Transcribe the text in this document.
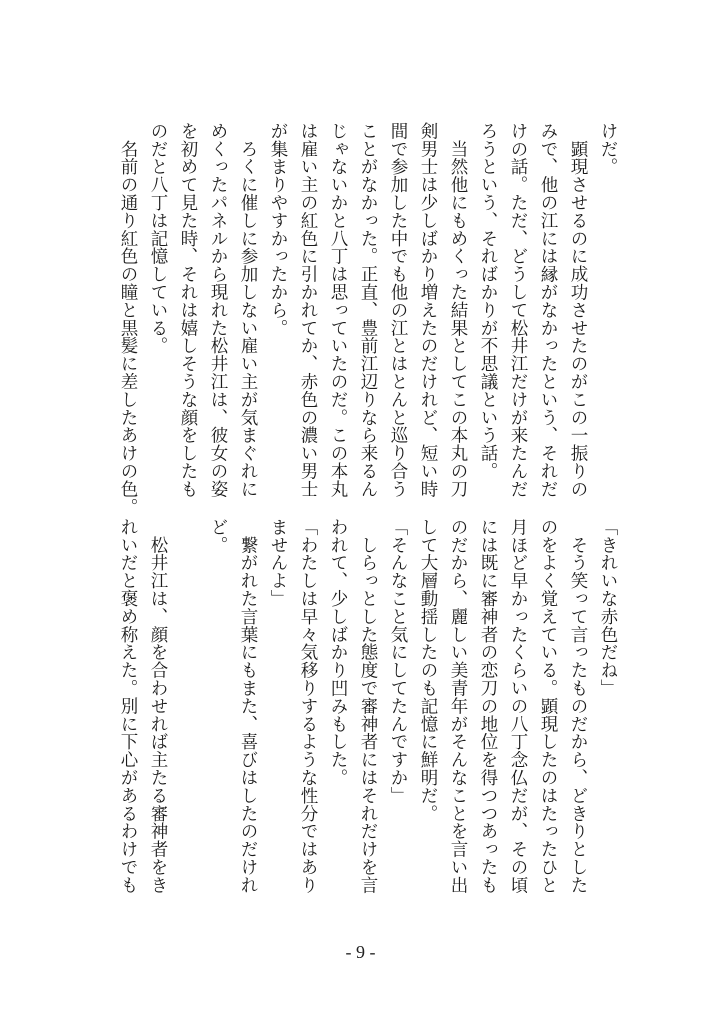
けだ。
　顕現させるのに成功させたのがこの一振りの
みで、他の江には縁がなかったという、それだ
けの話。ただ、どうして松井江だけが来たんだ
ろうという、そればかりが不思議という話。
　当然他にもめくった結果としてこの本丸の刀
剣男士は少しばかり増えたのだけれど、短い時
間で参加した中でも他の江とはとんと巡り合う
ことがなかった。正直、豊前江辺りなら来るん
じゃないかと八丁は思っていたのだ。この本丸
は雇い主の紅色に引かれてか、赤色の濃い男士
が集まりやすかったから。
　ろくに催しに参加しない雇い主が気まぐれに
めくったパネルから現れた松井江は、彼女の姿
を初めて見た時、それは嬉しそうな顔をしたも
のだと八丁は記憶している。
　名前の通り紅色の瞳と黒髪に差したあけの色。
「きれいな赤色だね」
　そう笑って言ったものだから、どきりとした
のをよく覚えている。顕現したのはたったひと
月ほど早かったくらいの八丁念仏だが、その頃
には既に審神者の恋刀の地位を得つつあったも
のだから、麗しい美青年がそんなことを言い出
して大層動揺したのも記憶に鮮明だ。
「そんなこと気にしてたんですか」
　しらっとした態度で審神者にはそれだけを言
われて、少しばかり凹みもした。
「わたしは早々気移りするような性分ではあり
ませんよ」
　繋がれた言葉にもまた、喜びはしたのだけれ
ど。
　松井江は、顔を合わせれば主たる審神者をき
れいだと褒め称えた。別に下心があるわけでも
- 9 -
